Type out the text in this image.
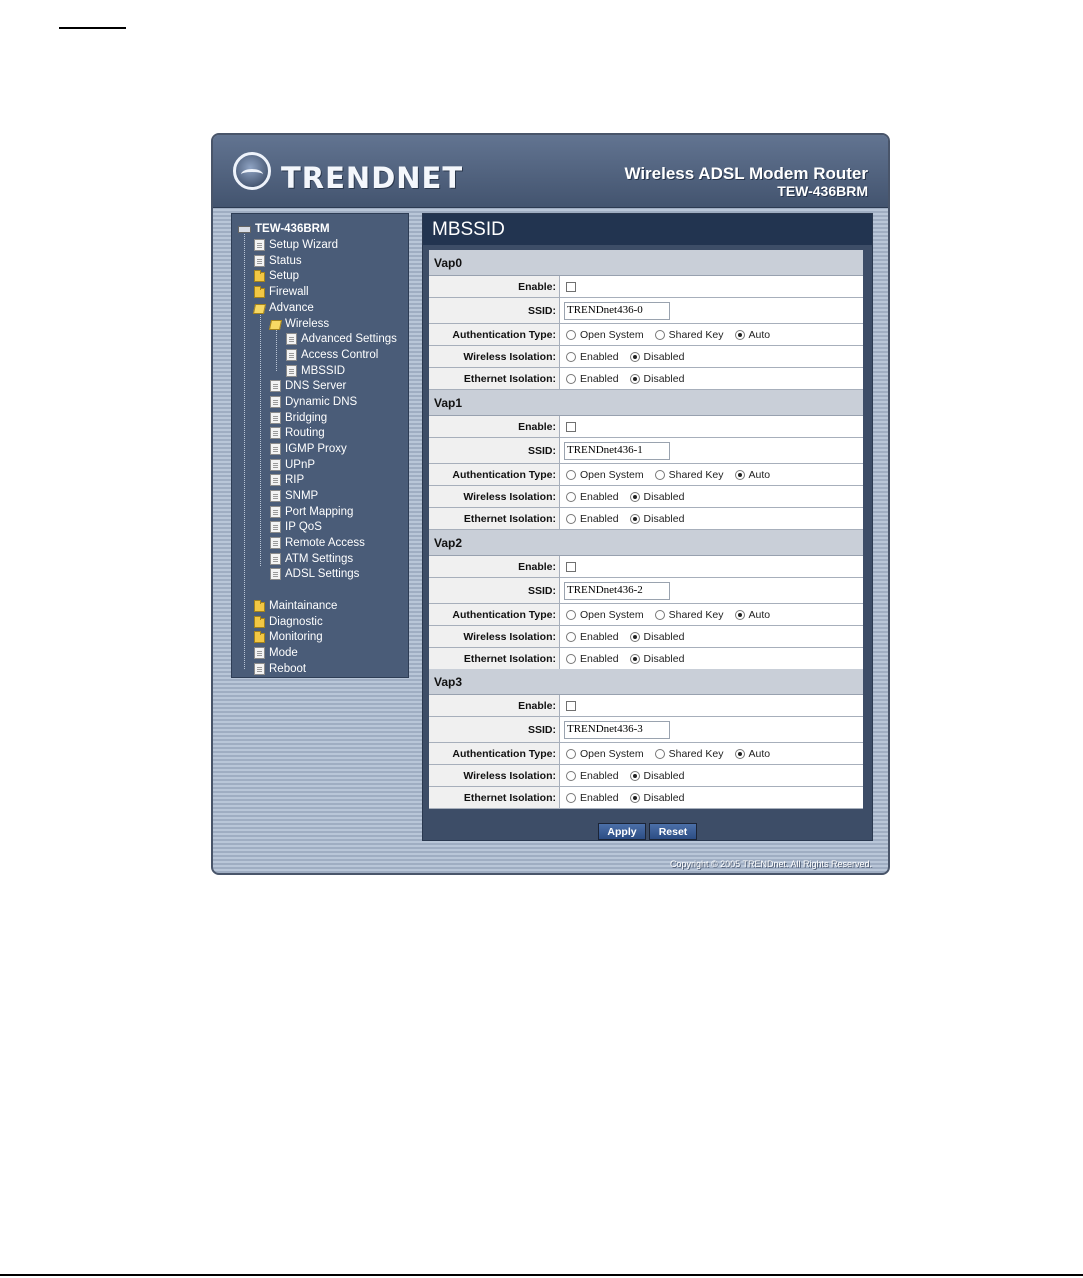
TRENDNET	Wireless ADSL Modem Router
TEW-436BRM
TEW-436BRM
Setup Wizard
Status
Setup
Firewall
Advance
Wireless
Advanced Settings
Access Control
MBSSID
DNS Server
Dynamic DNS
Bridging
Routing
IGMP Proxy
UPnP
RIP
SNMP
Port Mapping
IP QoS
Remote Access
ATM Settings
ADSL Settings
Maintainance
Diagnostic
Monitoring
Mode
Reboot
MBSSID
Vap0
Enable:
SSID:	TRENDnet436-0
Authentication Type:	Open System Shared Key Auto
Wireless Isolation:	Enabled Disabled
Ethernet Isolation:	Enabled Disabled
Vap1
Enable:
SSID:	TRENDnet436-1
Authentication Type:	Open System Shared Key Auto
Wireless Isolation:	Enabled Disabled
Ethernet Isolation:	Enabled Disabled
Vap2
Enable:
SSID:	TRENDnet436-2
Authentication Type:	Open System Shared Key Auto
Wireless Isolation:	Enabled Disabled
Ethernet Isolation:	Enabled Disabled
Vap3
Enable:
SSID:	TRENDnet436-3
Authentication Type:	Open System Shared Key Auto
Wireless Isolation:	Enabled Disabled
Ethernet Isolation:	Enabled Disabled
Apply	Reset
Copyright © 2005 TRENDnet. All Rights Reserved.
